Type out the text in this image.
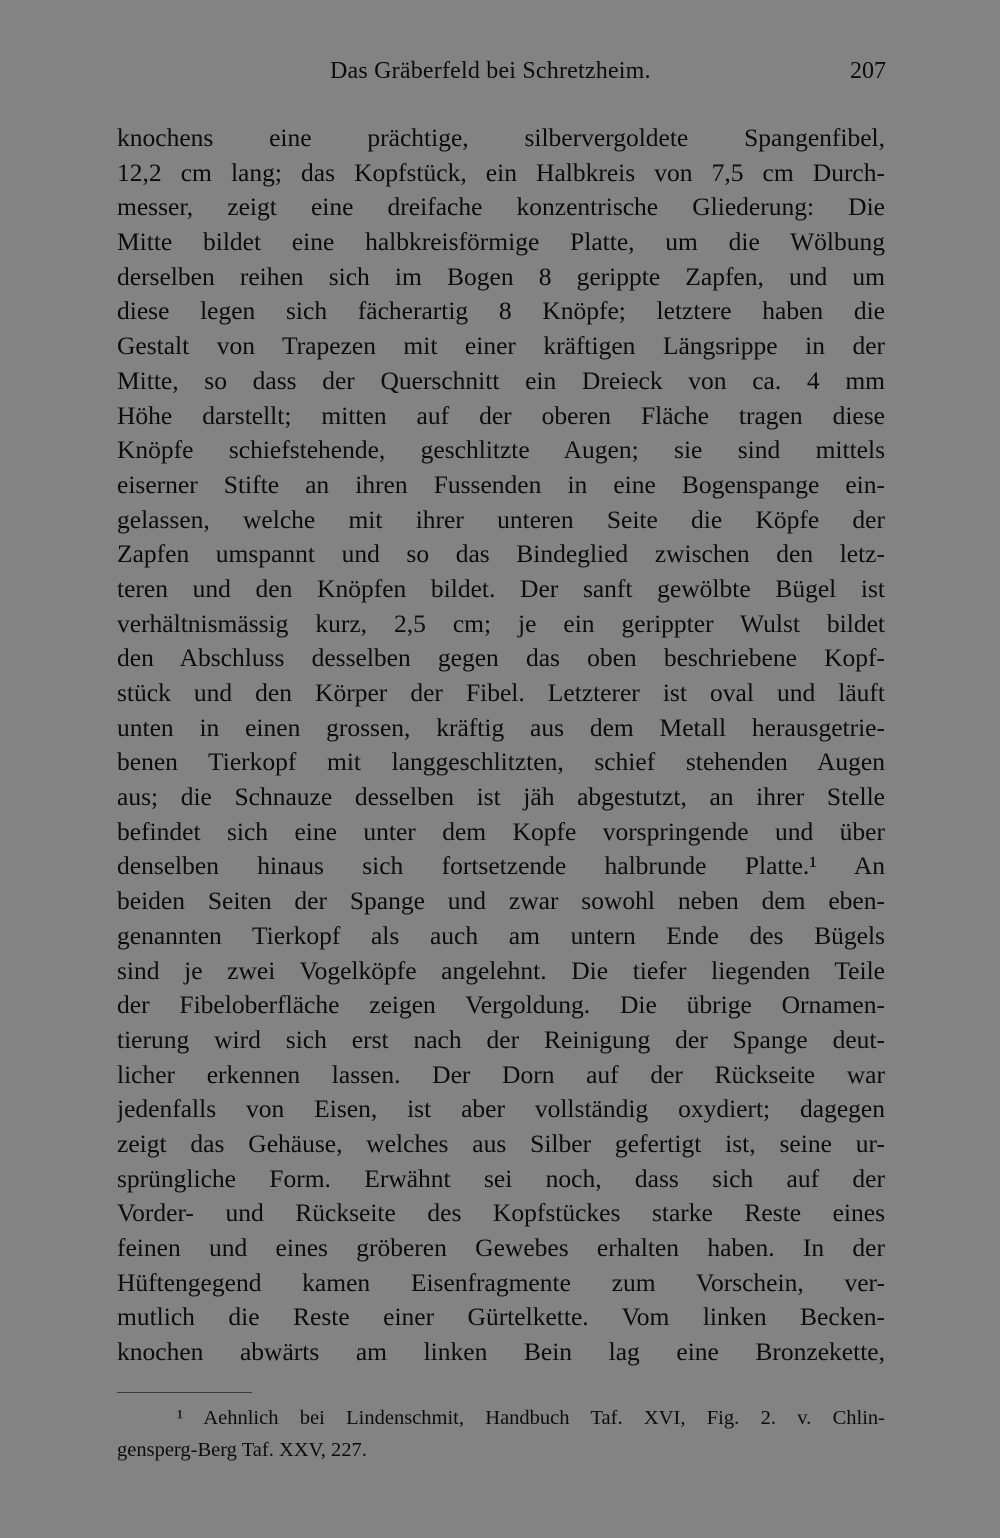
Das Gräberfeld bei Schretzheim.	207
knochens eine prächtige, silbervergoldete Spangenfibel,
12,2 cm lang; das Kopfstück, ein Halbkreis von 7,5 cm Durch-
messer, zeigt eine dreifache konzentrische Gliederung: Die
Mitte bildet eine halbkreisförmige Platte, um die Wölbung
derselben reihen sich im Bogen 8 gerippte Zapfen, und um
diese legen sich fächerartig 8 Knöpfe; letztere haben die
Gestalt von Trapezen mit einer kräftigen Längsrippe in der
Mitte, so dass der Querschnitt ein Dreieck von ca. 4 mm
Höhe darstellt; mitten auf der oberen Fläche tragen diese
Knöpfe schiefstehende, geschlitzte Augen; sie sind mittels
eiserner Stifte an ihren Fussenden in eine Bogenspange ein-
gelassen, welche mit ihrer unteren Seite die Köpfe der
Zapfen umspannt und so das Bindeglied zwischen den letz-
teren und den Knöpfen bildet. Der sanft gewölbte Bügel ist
verhältnismässig kurz, 2,5 cm; je ein gerippter Wulst bildet
den Abschluss desselben gegen das oben beschriebene Kopf-
stück und den Körper der Fibel. Letzterer ist oval und läuft
unten in einen grossen, kräftig aus dem Metall herausgetrie-
benen Tierkopf mit langgeschlitzten, schief stehenden Augen
aus; die Schnauze desselben ist jäh abgestutzt, an ihrer Stelle
befindet sich eine unter dem Kopfe vorspringende und über
denselben hinaus sich fortsetzende halbrunde Platte.¹ An
beiden Seiten der Spange und zwar sowohl neben dem eben-
genannten Tierkopf als auch am untern Ende des Bügels
sind je zwei Vogelköpfe angelehnt. Die tiefer liegenden Teile
der Fibeloberfläche zeigen Vergoldung. Die übrige Ornamen-
tierung wird sich erst nach der Reinigung der Spange deut-
licher erkennen lassen. Der Dorn auf der Rückseite war
jedenfalls von Eisen, ist aber vollständig oxydiert; dagegen
zeigt das Gehäuse, welches aus Silber gefertigt ist, seine ur-
sprüngliche Form. Erwähnt sei noch, dass sich auf der
Vorder- und Rückseite des Kopfstückes starke Reste eines
feinen und eines gröberen Gewebes erhalten haben. In der
Hüftengegend kamen Eisenfragmente zum Vorschein, ver-
mutlich die Reste einer Gürtelkette. Vom linken Becken-
knochen abwärts am linken Bein lag eine Bronzekette,
¹ Aehnlich bei Lindenschmit, Handbuch Taf. XVI, Fig. 2. v. Chlin-
gensperg-Berg Taf. XXV, 227.
